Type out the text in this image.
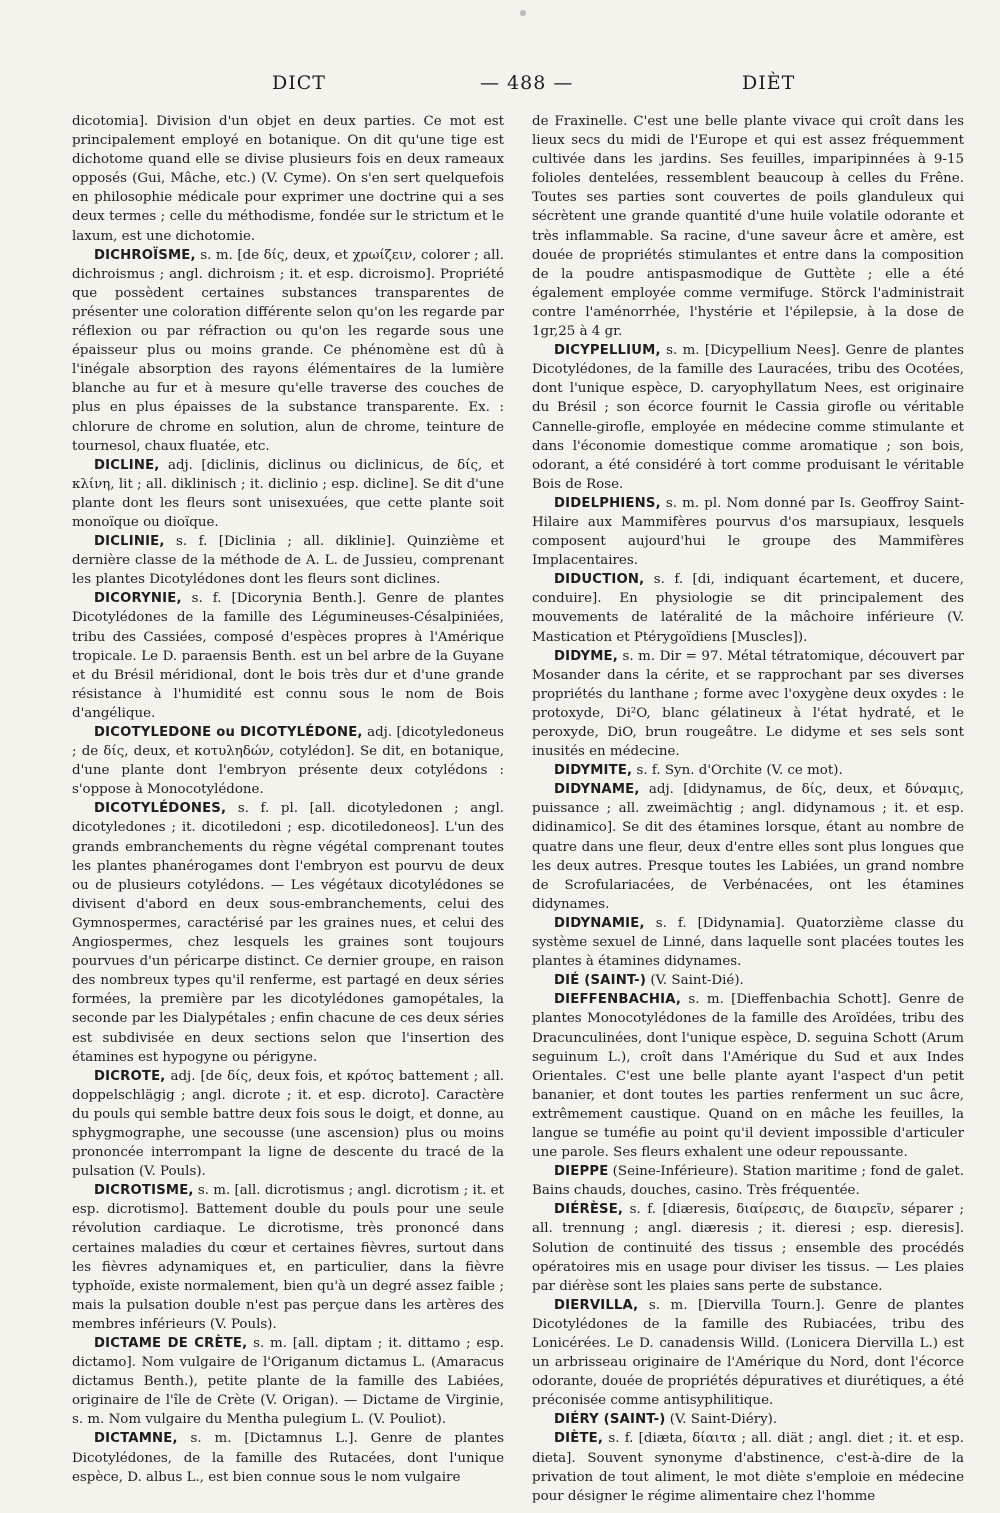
DICT	— 488 —	DIÈT

dicotomia]. Division d'un objet en deux parties. Ce mot est principalement employé en botanique. On dit qu'une tige est dichotome quand elle se divise plusieurs fois en deux rameaux opposés (Gui, Mâche, etc.) (V. Cyme). On s'en sert quelquefois en philosophie médicale pour exprimer une doctrine qui a ses deux termes ; celle du méthodisme, fondée sur le strictum et le laxum, est une dichotomie.

DICHROÏSME, s. m. [de δίς, deux, et χρωίζειν, colorer ; all. dichroismus ; angl. dichroism ; it. et esp. dicroismo]. Propriété que possèdent certaines substances transparentes de présenter une coloration différente selon qu'on les regarde par réflexion ou par réfraction ou qu'on les regarde sous une épaisseur plus ou moins grande. Ce phénomène est dû à l'inégale absorption des rayons élémentaires de la lumière blanche au fur et à mesure qu'elle traverse des couches de plus en plus épaisses de la substance transparente. Ex. : chlorure de chrome en solution, alun de chrome, teinture de tournesol, chaux fluatée, etc.

DICLINE, adj. [diclinis, diclinus ou diclinicus, de δίς, et κλίνη, lit ; all. diklinisch ; it. diclinio ; esp. dicline]. Se dit d'une plante dont les fleurs sont unisexuées, que cette plante soit monoïque ou dioïque.

DICLINIE, s. f. [Diclinia ; all. diklinie]. Quinzième et dernière classe de la méthode de A. L. de Jussieu, comprenant les plantes Dicotylédones dont les fleurs sont diclines.

DICORYNIE, s. f. [Dicorynia Benth.]. Genre de plantes Dicotylédones de la famille des Légumineuses-Césalpiniées, tribu des Cassiées, composé d'espèces propres à l'Amérique tropicale. Le D. paraensis Benth. est un bel arbre de la Guyane et du Brésil méridional, dont le bois très dur et d'une grande résistance à l'humidité est connu sous le nom de Bois d'angélique.

DICOTYLEDONE ou DICOTYLÉDONE, adj. [dicotyledoneus ; de δίς, deux, et κοτυληδών, cotylédon]. Se dit, en botanique, d'une plante dont l'embryon présente deux cotylédons : s'oppose à Monocotylédone.

DICOTYLÉDONES, s. f. pl. [all. dicotyledonen ; angl. dicotyledones ; it. dicotiledoni ; esp. dicotiledoneos]. L'un des grands embranchements du règne végétal comprenant toutes les plantes phanérogames dont l'embryon est pourvu de deux ou de plusieurs cotylédons. — Les végétaux dicotylédones se divisent d'abord en deux sous-embranchements, celui des Gymnospermes, caractérisé par les graines nues, et celui des Angiospermes, chez lesquels les graines sont toujours pourvues d'un péricarpe distinct. Ce dernier groupe, en raison des nombreux types qu'il renferme, est partagé en deux séries formées, la première par les dicotylédones gamopétales, la seconde par les Dialypétales ; enfin chacune de ces deux séries est subdivisée en deux sections selon que l'insertion des étamines est hypogyne ou périgyne.

DICROTE, adj. [de δίς, deux fois, et κρότος battement ; all. doppelschlägig ; angl. dicrote ; it. et esp. dicroto]. Caractère du pouls qui semble battre deux fois sous le doigt, et donne, au sphygmographe, une secousse (une ascension) plus ou moins prononcée interrompant la ligne de descente du tracé de la pulsation (V. Pouls).

DICROTISME, s. m. [all. dicrotismus ; angl. dicrotism ; it. et esp. dicrotismo]. Battement double du pouls pour une seule révolution cardiaque. Le dicrotisme, très prononcé dans certaines maladies du cœur et certaines fièvres, surtout dans les fièvres adynamiques et, en particulier, dans la fièvre typhoïde, existe normalement, bien qu'à un degré assez faible ; mais la pulsation double n'est pas perçue dans les artères des membres inférieurs (V. Pouls).

DICTAME DE CRÈTE, s. m. [all. diptam ; it. dittamo ; esp. dictamo]. Nom vulgaire de l'Origanum dictamus L. (Amaracus dictamus Benth.), petite plante de la famille des Labiées, originaire de l'île de Crète (V. Origan). — Dictame de Virginie, s. m. Nom vulgaire du Mentha pulegium L. (V. Pouliot).

DICTAMNE, s. m. [Dictamnus L.]. Genre de plantes Dicotylédones, de la famille des Rutacées, dont l'unique espèce, D. albus L., est bien connue sous le nom vulgaire

de Fraxinelle. C'est une belle plante vivace qui croît dans les lieux secs du midi de l'Europe et qui est assez fréquemment cultivée dans les jardins. Ses feuilles, imparipinnées à 9-15 folioles dentelées, ressemblent beaucoup à celles du Frêne. Toutes ses parties sont couvertes de poils glanduleux qui sécrètent une grande quantité d'une huile volatile odorante et très inflammable. Sa racine, d'une saveur âcre et amère, est douée de propriétés stimulantes et entre dans la composition de la poudre antispasmodique de Guttète ; elle a été également employée comme vermifuge. Störck l'administrait contre l'aménorrhée, l'hystérie et l'épilepsie, à la dose de 1gr,25 à 4 gr.

DICYPELLIUM, s. m. [Dicypellium Nees]. Genre de plantes Dicotylédones, de la famille des Lauracées, tribu des Ocotées, dont l'unique espèce, D. caryophyllatum Nees, est originaire du Brésil ; son écorce fournit le Cassia girofle ou véritable Cannelle-girofle, employée en médecine comme stimulante et dans l'économie domestique comme aromatique ; son bois, odorant, a été considéré à tort comme produisant le véritable Bois de Rose.

DIDELPHIENS, s. m. pl. Nom donné par Is. Geoffroy Saint-Hilaire aux Mammifères pourvus d'os marsupiaux, lesquels composent aujourd'hui le groupe des Mammifères Implacentaires.

DIDUCTION, s. f. [di, indiquant écartement, et ducere, conduire]. En physiologie se dit principalement des mouvements de latéralité de la mâchoire inférieure (V. Mastication et Ptérygoïdiens [Muscles]).

DIDYME, s. m. Dir = 97. Métal tétratomique, découvert par Mosander dans la cérite, et se rapprochant par ses diverses propriétés du lanthane ; forme avec l'oxygène deux oxydes : le protoxyde, Di²O, blanc gélatineux à l'état hydraté, et le peroxyde, DiO, brun rougeâtre. Le didyme et ses sels sont inusités en médecine.

DIDYMITE, s. f. Syn. d'Orchite (V. ce mot).

DIDYNAME, adj. [didynamus, de δίς, deux, et δύναμις, puissance ; all. zweimächtig ; angl. didynamous ; it. et esp. didinamico]. Se dit des étamines lorsque, étant au nombre de quatre dans une fleur, deux d'entre elles sont plus longues que les deux autres. Presque toutes les Labiées, un grand nombre de Scrofulariacées, de Verbénacées, ont les étamines didynames.

DIDYNAMIE, s. f. [Didynamia]. Quatorzième classe du système sexuel de Linné, dans laquelle sont placées toutes les plantes à étamines didynames.

DIÉ (SAINT-) (V. Saint-Dié).

DIEFFENBACHIA, s. m. [Dieffenbachia Schott]. Genre de plantes Monocotylédones de la famille des Aroïdées, tribu des Dracunculinées, dont l'unique espèce, D. seguina Schott (Arum seguinum L.), croît dans l'Amérique du Sud et aux Indes Orientales. C'est une belle plante ayant l'aspect d'un petit bananier, et dont toutes les parties renferment un suc âcre, extrêmement caustique. Quand on en mâche les feuilles, la langue se tuméfie au point qu'il devient impossible d'articuler une parole. Ses fleurs exhalent une odeur repoussante.

DIEPPE (Seine-Inférieure). Station maritime ; fond de galet. Bains chauds, douches, casino. Très fréquentée.

DIÉRÈSE, s. f. [diæresis, διαίρεσις, de διαιρεῖν, séparer ; all. trennung ; angl. diæresis ; it. dieresi ; esp. dieresis]. Solution de continuité des tissus ; ensemble des procédés opératoires mis en usage pour diviser les tissus. — Les plaies par diérèse sont les plaies sans perte de substance.

DIERVILLA, s. m. [Diervilla Tourn.]. Genre de plantes Dicotylédones de la famille des Rubiacées, tribu des Lonicérées. Le D. canadensis Willd. (Lonicera Diervilla L.) est un arbrisseau originaire de l'Amérique du Nord, dont l'écorce odorante, douée de propriétés dépuratives et diurétiques, a été préconisée comme antisyphilitique.

DIÉRY (SAINT-) (V. Saint-Diéry).

DIÈTE, s. f. [diæta, δίαιτα ; all. diät ; angl. diet ; it. et esp. dieta]. Souvent synonyme d'abstinence, c'est-à-dire de la privation de tout aliment, le mot diète s'emploie en médecine pour désigner le régime alimentaire chez l'homme
